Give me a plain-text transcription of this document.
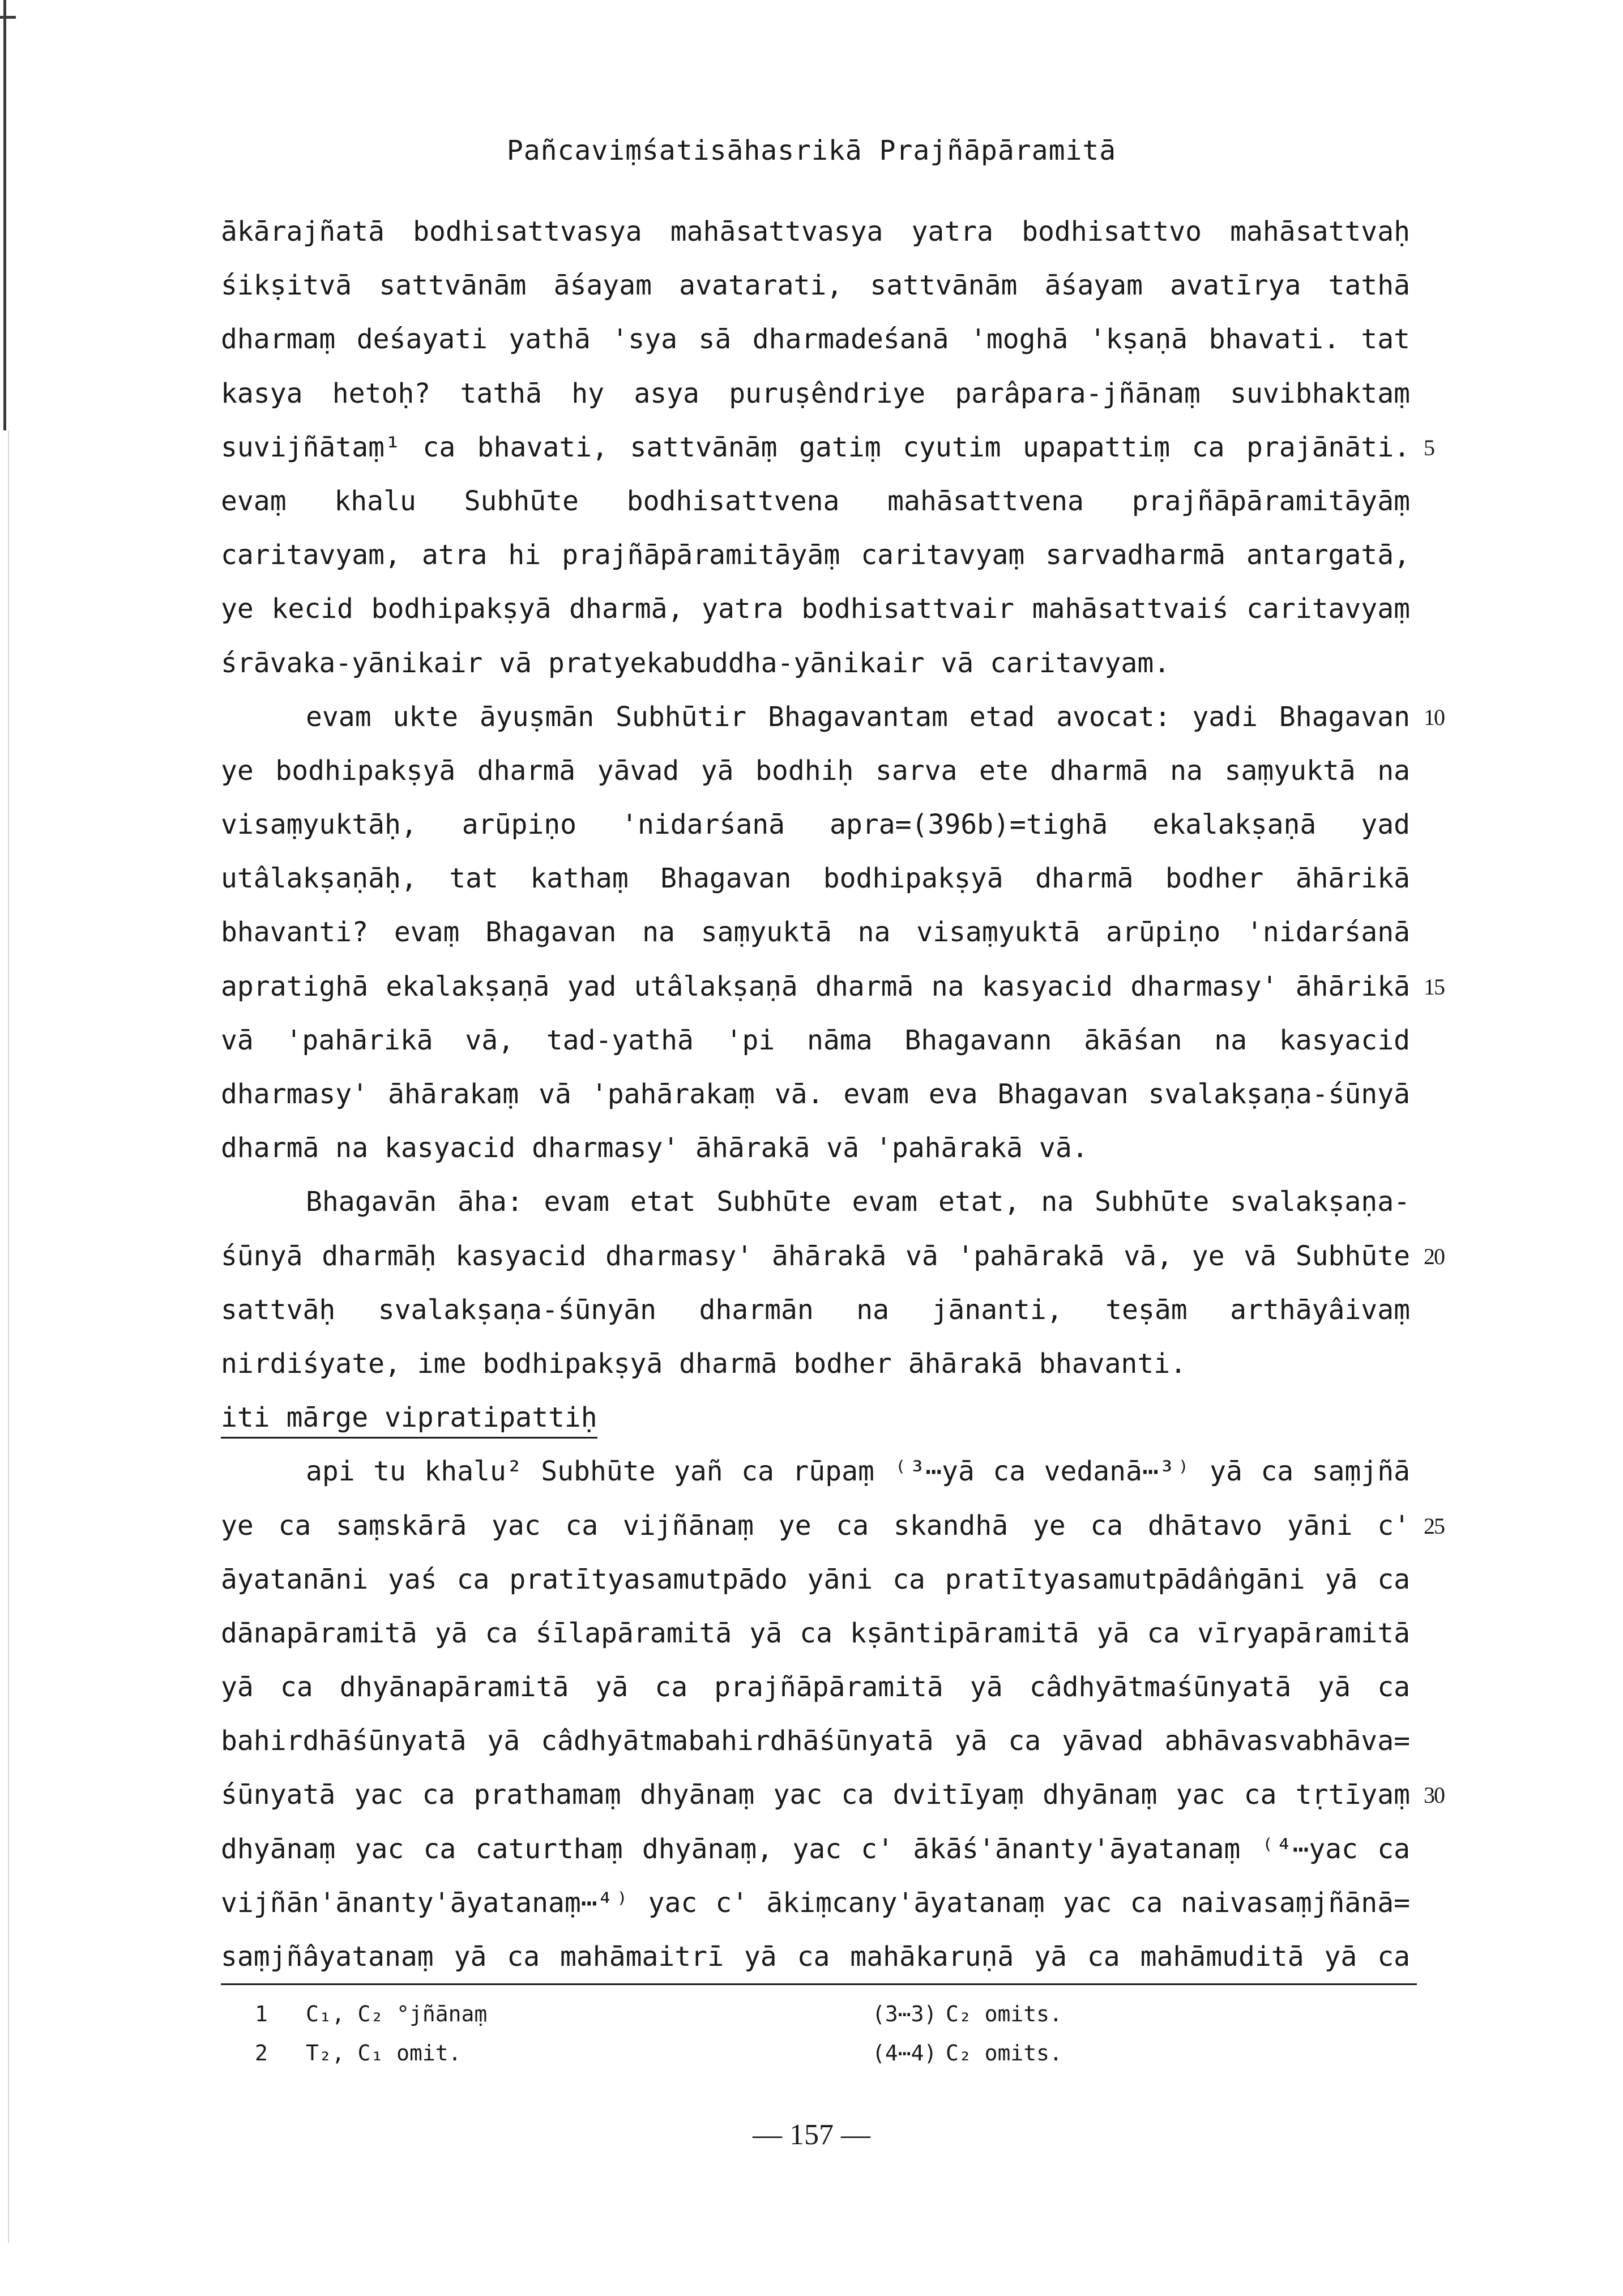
Pañcaviṃśatisāhasrikā Prajñāpāramitā
ākārajñatā bodhisattvasya mahāsattvasya yatra bodhisattvo mahāsattvaḥ
śikṣitvā sattvānām āśayam avatarati, sattvānām āśayam avatīrya tathā
dharmaṃ deśayati yathā 'sya sā dharmadeśanā 'moghā 'kṣaṇā bhavati. tat
kasya hetoḥ? tathā hy asya puruṣêndriye parâpara-jñānaṃ suvibhaktaṃ
suvijñātaṃ¹ ca bhavati, sattvānāṃ gatiṃ cyutim upapattiṃ ca prajānāti. 5
evaṃ khalu Subhūte bodhisattvena mahāsattvena prajñāpāramitāyāṃ
caritavyam, atra hi prajñāpāramitāyāṃ caritavyaṃ sarvadharmā antargatā,
ye kecid bodhipakṣyā dharmā, yatra bodhisattvair mahāsattvaiś caritavyaṃ
śrāvaka-yānikair vā pratyekabuddha-yānikair vā caritavyam.
evam ukte āyuṣmān Subhūtir Bhagavantam etad avocat: yadi Bhagavan 10
ye bodhipakṣyā dharmā yāvad yā bodhiḥ sarva ete dharmā na saṃyuktā na
visaṃyuktāḥ, arūpiṇo 'nidarśanā apra=(396b)=tighā ekalakṣaṇā yad
utâlakṣaṇāḥ, tat kathaṃ Bhagavan bodhipakṣyā dharmā bodher āhārikā
bhavanti? evaṃ Bhagavan na saṃyuktā na visaṃyuktā arūpiṇo 'nidarśanā
apratighā ekalakṣaṇā yad utâlakṣaṇā dharmā na kasyacid dharmasy' āhārikā 15
vā 'pahārikā vā, tad-yathā 'pi nāma Bhagavann ākāśan na kasyacid
dharmasy' āhārakaṃ vā 'pahārakaṃ vā. evam eva Bhagavan svalakṣaṇa-śūnyā
dharmā na kasyacid dharmasy' āhārakā vā 'pahārakā vā.
Bhagavān āha: evam etat Subhūte evam etat, na Subhūte svalakṣaṇa-
śūnyā dharmāḥ kasyacid dharmasy' āhārakā vā 'pahārakā vā, ye vā Subhūte 20
sattvāḥ svalakṣaṇa-śūnyān dharmān na jānanti, teṣām arthāyâivaṃ
nirdiśyate, ime bodhipakṣyā dharmā bodher āhārakā bhavanti.
iti mārge vipratipattiḥ
api tu khalu² Subhūte yañ ca rūpaṃ ⁽³⋯yā ca vedanā⋯³⁾ yā ca saṃjñā
ye ca saṃskārā yac ca vijñānaṃ ye ca skandhā ye ca dhātavo yāni c' 25
āyatanāni yaś ca pratītyasamutpādo yāni ca pratītyasamutpādâṅgāni yā ca
dānapāramitā yā ca śīlapāramitā yā ca kṣāntipāramitā yā ca vīryapāramitā
yā ca dhyānapāramitā yā ca prajñāpāramitā yā câdhyātmaśūnyatā yā ca
bahirdhāśūnyatā yā câdhyātmabahirdhāśūnyatā yā ca yāvad abhāvasvabhāva=
śūnyatā yac ca prathamaṃ dhyānaṃ yac ca dvitīyaṃ dhyānaṃ yac ca tṛtīyaṃ 30
dhyānaṃ yac ca caturthaṃ dhyānaṃ, yac c' ākāś'ānanty'āyatanaṃ ⁽⁴⋯yac ca
vijñān'ānanty'āyatanaṃ⋯⁴⁾ yac c' ākiṃcany'āyatanaṃ yac ca naivasaṃjñānā=
saṃjñâyatanaṃ yā ca mahāmaitrī yā ca mahākaruṇā yā ca mahāmuditā yā ca
1 C₁, C₂ °jñānaṃ
2 T₂, C₁ omit.
(3⋯3) C₂ omits.
(4⋯4) C₂ omits.
— 157 —
